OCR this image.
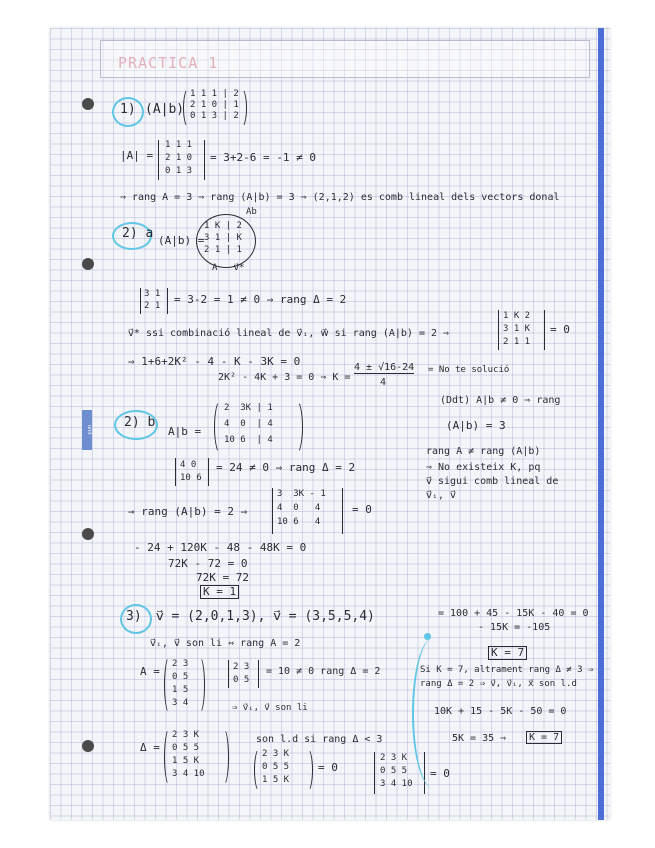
unit
PRACTICA 1
1) (A|b)
1 1 1 | 2
2 1 0 | 1
0 1 3 | 2
|A| =
1 1 1
2 1 0
0 1 3
= 3+2-6 = -1 ≠ 0
⇒ rang A = 3 ⇒ rang (A|b) = 3 ⇒ (2,1,2) es comb lineal dels vectors donal
2) a
Ab
(A|b) =
1 K | 2
3 1 | K
2 1 | 1
A   v⃗*
3 1
2 1 = 3-2 = 1 ≠ 0 ⇒ rang Δ = 2
v⃗* ssi combinació lineal de v⃗ᵢ, w⃗ si rang (A|b) = 2 ⇒
1 K 2
3 1 K
2 1 1
= 0
⇒ 1+6+2K² - 4 - K - 3K = 0
2K² - 4K + 3 = 0 ⇒ K =
4 ± √16-24
4
= No te solució
(Ddt) A|b ≠ 0 ⇒ rang
(A|b) = 3
rang A ≠ rang (A|b)
⇒ No existeix K, pq
v⃗ sigui comb lineal de
v⃗ᵢ, v⃗
2) b
A|b =
2  3K | 1
4  0  | 4
10 6  | 4
4 0
10 6
= 24 ≠ 0 ⇒ rang Δ = 2
⇒ rang (A|b) = 2 ⇒
3  3K - 1
4  0   4
10 6   4
= 0
- 24 + 120K - 48 - 48K = 0
72K - 72 = 0
72K = 72
K = 1
3) v⃗ = (2,0,1,3), v⃗ = (3,5,5,4)
v⃗ᵢ, v⃗ son li ⇔ rang A = 2
A =
2 3
0 5
1 5
3 4
2 3
0 5
= 10 ≠ 0 rang Δ = 2
⇒ v⃗ᵢ, v⃗ son li
Δ =
2 3 K
0 5 5
1 5 K
3 4 10
son l.d si rang Δ < 3
2 3 K
0 5 5
1 5 K
= 0
2 3 K
0 5 5
3 4 10
= 0
= 100 + 45 - 15K - 40 = 0
- 15K = -105
K = 7
Si K = 7, altrament rang Δ ≠ 3 ⇒
rang Δ = 2 ⇒ v⃗, v⃗ᵢ, x⃗ son l.d
10K + 15 - 5K - 50 = 0
5K = 35 ⇒	K = 7
